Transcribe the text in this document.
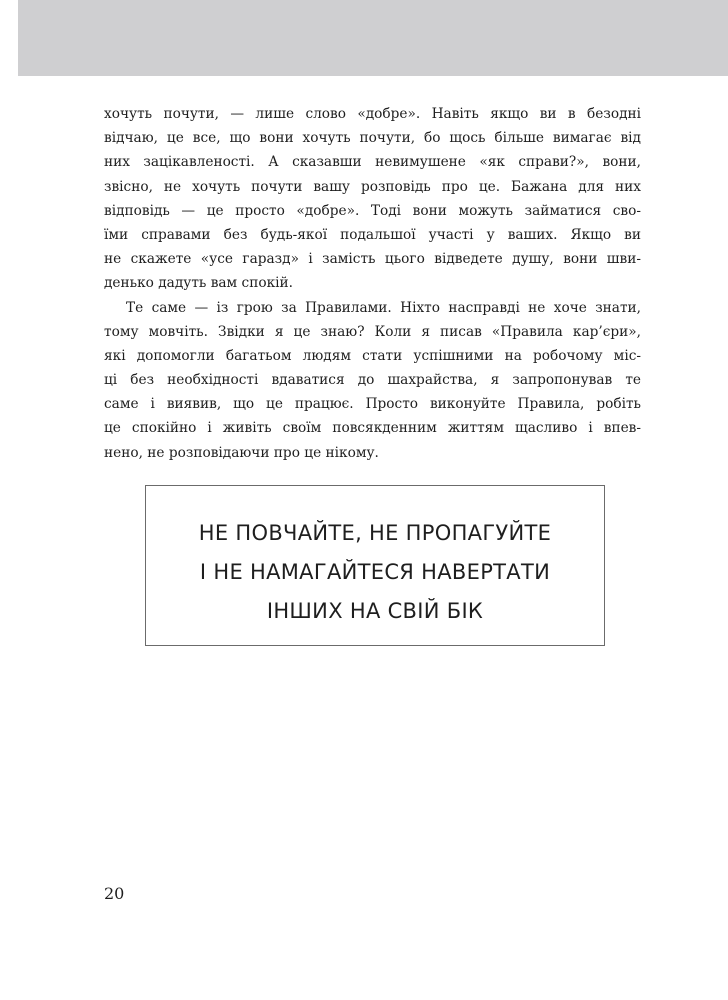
хочуть почути, — лише слово «добре». Навіть якщо ви в безодні
відчаю, це все, що вони хочуть почути, бо щось більше вимагає від
них зацікавленості. А сказавши невимушене «як справи?», вони,
звісно, не хочуть почути вашу розповідь про це. Бажана для них
відповідь — це просто «добре». Тоді вони можуть займатися сво-
їми справами без будь-якої подальшої участі у ваших. Якщо ви
не скажете «усе гаразд» і замість цього відведете душу, вони шви-
денько дадуть вам спокій.
Те саме — із грою за Правилами. Ніхто насправді не хоче знати,
тому мовчіть. Звідки я це знаю? Коли я писав «Правила кар’єри»,
які допомогли багатьом людям стати успішними на робочому міс-
ці без необхідності вдаватися до шахрайства, я запропонував те
саме і виявив, що це працює. Просто виконуйте Правила, робіть
це спокійно і живіть своїм повсякденним життям щасливо і впев-
нено, не розповідаючи про це нікому.
НЕ ПОВЧАЙТЕ, НЕ ПРОПАГУЙТЕ
І НЕ НАМАГАЙТЕСЯ НАВЕРТАТИ
ІНШИХ НА СВІЙ БІК
20
